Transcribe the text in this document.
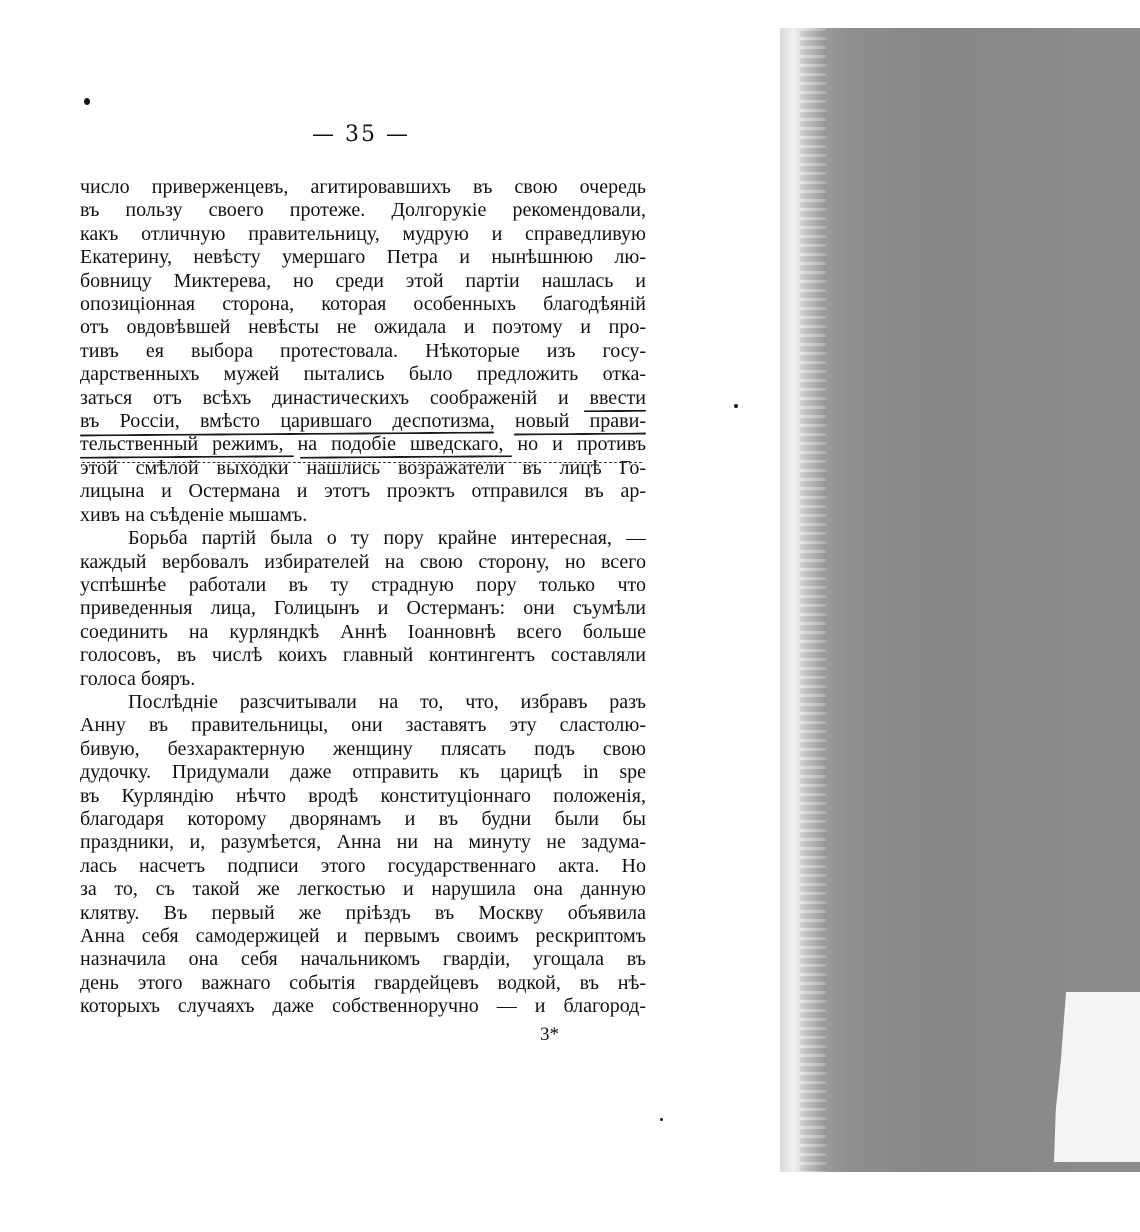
— 35 —
число приверженцевъ, агитировавшихъ въ свою очередь
въ пользу своего протеже. Долгорукіе рекомендовали,
какъ отличную правительницу, мудрую и справедливую
Екатерину, невѣсту умершаго Петра и нынѣшнюю лю-
бовницу Миктерева, но среди этой партіи нашлась и
опозиціонная сторона, которая особенныхъ благодѣяній
отъ овдовѣвшей невѣсты не ожидала и поэтому и про-
тивъ ея выбора протестовала. Нѣкоторые изъ госу-
дарственныхъ мужей пытались было предложить отка-
заться отъ всѣхъ династическихъ соображеній и ввести
въ Россіи, вмѣсто царившаго деспотизма, новый прави-
тельственный режимъ, на подобіе шведскаго, но и противъ
этой смѣлой выходки нашлись возражатели въ лицѣ Го-
лицына и Остермана и этотъ проэктъ отправился въ ар-
хивъ на съѣденіе мышамъ.
Борьба партій была о ту пору крайне интересная, —
каждый вербовалъ избирателей на свою сторону, но всего
успѣшнѣе работали въ ту страдную пору только что
приведенныя лица, Голицынъ и Остерманъ: они съумѣли
соединить на курляндкѣ Аннѣ Іоанновнѣ всего больше
голосовъ, въ числѣ коихъ главный контингентъ составляли
голоса бояръ.
Послѣдніе разсчитывали на то, что, избравъ разъ
Анну въ правительницы, они заставятъ эту сластолю-
бивую, безхарактерную женщину плясать подъ свою
дудочку. Придумали даже отправить къ царицѣ in spe
въ Курляндію нѣчто вродѣ конституціоннаго положенія,
благодаря которому дворянамъ и въ будни были бы
праздники, и, разумѣется, Анна ни на минуту не задума-
лась насчетъ подписи этого государственнаго акта. Но
за то, съ такой же легкостью и нарушила она данную
клятву. Въ первый же пріѣздъ въ Москву объявила
Анна себя самодержицей и первымъ своимъ рескриптомъ
назначила она себя начальникомъ гвардіи, угощала въ
день этого важнаго событія гвардейцевъ водкой, въ нѣ-
которыхъ случаяхъ даже собственноручно — и благород-
3*
